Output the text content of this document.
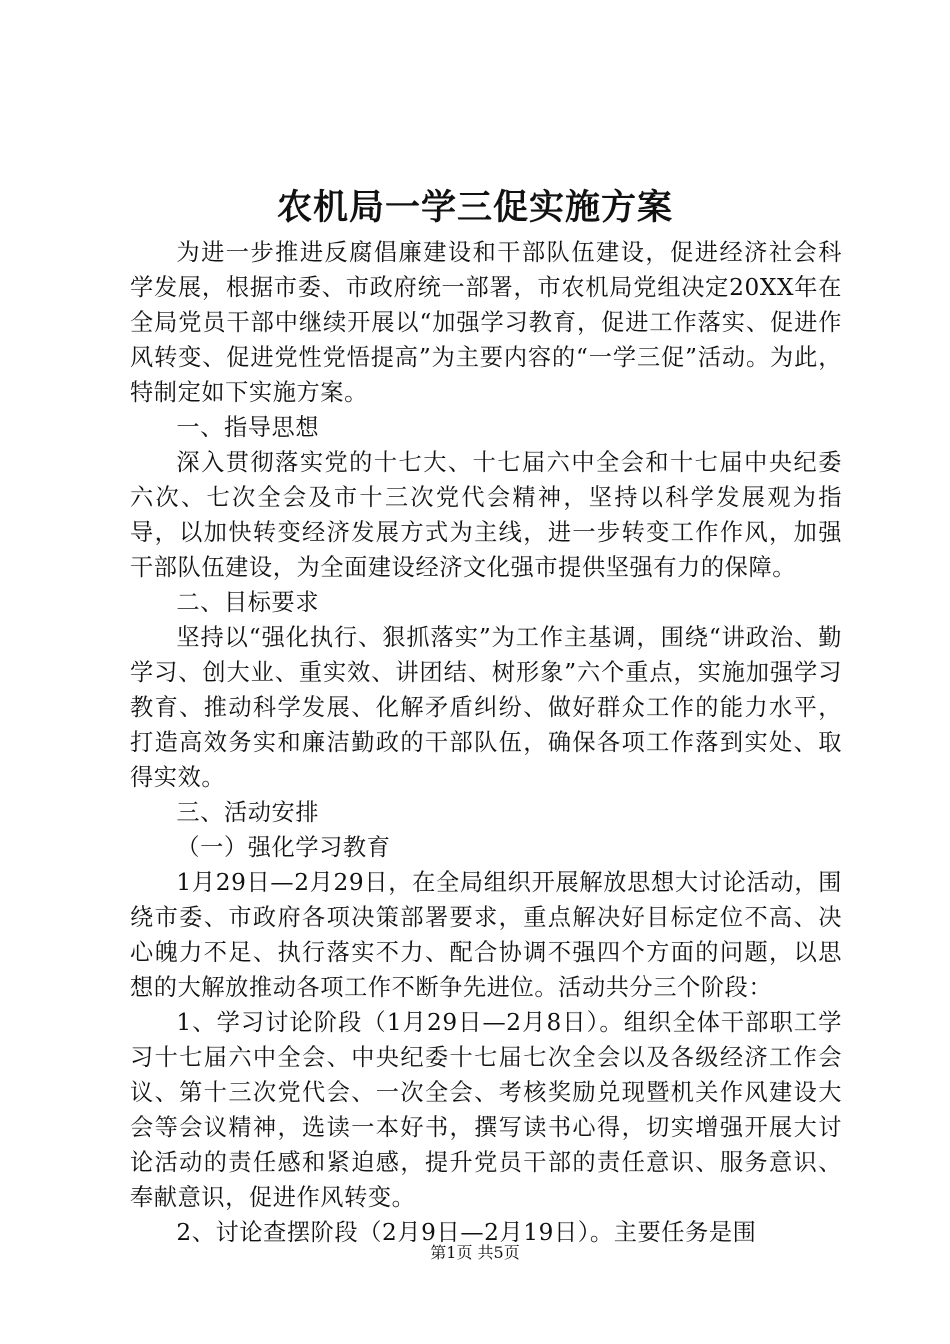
农机局一学三促实施方案

为进一步推进反腐倡廉建设和干部队伍建设，促进经济社会科学发展，根据市委、市政府统一部署，市农机局党组决定20XX年在全局党员干部中继续开展以“加强学习教育，促进工作落实、促进作风转变、促进党性党悟提高”为主要内容的“一学三促”活动。为此，特制定如下实施方案。

一、指导思想

深入贯彻落实党的十七大、十七届六中全会和十七届中央纪委六次、七次全会及市十三次党代会精神，坚持以科学发展观为指导，以加快转变经济发展方式为主线，进一步转变工作作风，加强干部队伍建设，为全面建设经济文化强市提供坚强有力的保障。

二、目标要求

坚持以“强化执行、狠抓落实”为工作主基调，围绕“讲政治、勤学习、创大业、重实效、讲团结、树形象”六个重点，实施加强学习教育、推动科学发展、化解矛盾纠纷、做好群众工作的能力水平，打造高效务实和廉洁勤政的干部队伍，确保各项工作落到实处、取得实效。

三、活动安排

（一）强化学习教育

1月29日—2月29日，在全局组织开展解放思想大讨论活动，围绕市委、市政府各项决策部署要求，重点解决好目标定位不高、决心魄力不足、执行落实不力、配合协调不强四个方面的问题，以思想的大解放推动各项工作不断争先进位。活动共分三个阶段：

1、学习讨论阶段（1月29日—2月8日）。组织全体干部职工学习十七届六中全会、中央纪委十七届七次全会以及各级经济工作会议、第十三次党代会、一次全会、考核奖励兑现暨机关作风建设大会等会议精神，选读一本好书，撰写读书心得，切实增强开展大讨论活动的责任感和紧迫感，提升党员干部的责任意识、服务意识、奉献意识，促进作风转变。

2、讨论查摆阶段（2月9日—2月19日）。主要任务是围

第1页 共5页
